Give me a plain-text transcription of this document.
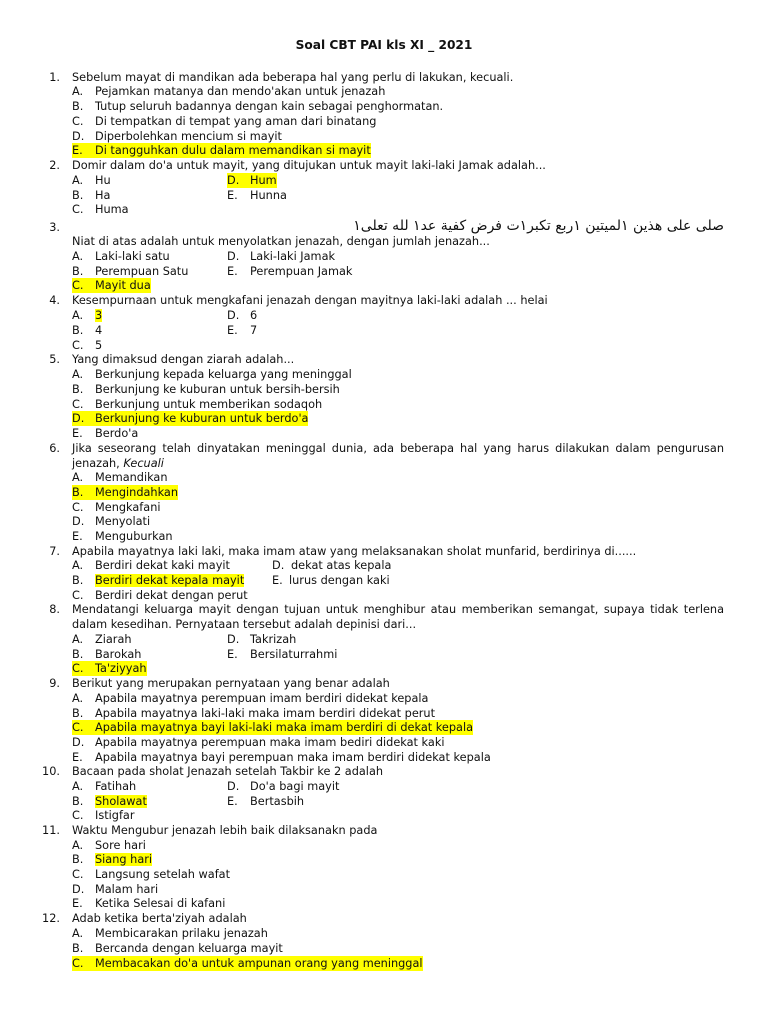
Soal CBT PAI kls XI _ 2021
1. Sebelum mayat di mandikan ada beberapa hal yang perlu di lakukan, kecuali.
A. Pejamkan matanya dan mendo'akan untuk jenazah
B. Tutup seluruh badannya dengan kain sebagai penghormatan.
C. Di tempatkan di tempat yang aman dari binatang
D. Diperbolehkan mencium si mayit
E. Di tangguhkan dulu dalam memandikan si mayit
2. Domir dalam do'a untuk mayit, yang ditujukan untuk mayit laki-laki Jamak adalah...
A. Hu	D. Hum
B. Ha	E. Hunna
C. Huma
3.	صلى على هذين ١لميتين ١ربع تكبر١ت فرض كفية عد١ لله تعلى١
Niat di atas adalah untuk menyolatkan jenazah, dengan jumlah jenazah...
A. Laki-laki satu	D. Laki-laki Jamak
B. Perempuan Satu	E. Perempuan Jamak
C. Mayit dua
4. Kesempurnaan untuk mengkafani jenazah dengan mayitnya laki-laki adalah ... helai
A. 3	D. 6
B. 4	E. 7
C. 5
5. Yang dimaksud dengan ziarah adalah...
A. Berkunjung kepada keluarga yang meninggal
B. Berkunjung ke kuburan untuk bersih-bersih
C. Berkunjung untuk memberikan sodaqoh
D. Berkunjung ke kuburan untuk berdo'a
E. Berdo'a
6. Jika seseorang telah dinyatakan meninggal dunia, ada beberapa hal yang harus dilakukan dalam pengurusan
jenazah, Kecuali
A. Memandikan
B. Mengindahkan
C. Mengkafani
D. Menyolati
E. Menguburkan
7. Apabila mayatnya laki laki, maka imam ataw yang melaksanakan sholat munfarid, berdirinya di......
A. Berdiri dekat kaki mayit	D. dekat atas kepala
B. Berdiri dekat kepala mayit E. lurus dengan kaki
C. Berdiri dekat dengan perut
8. Mendatangi keluarga mayit dengan tujuan untuk menghibur atau memberikan semangat, supaya tidak terlena
dalam kesedihan. Pernyataan tersebut adalah depinisi dari...
A. Ziarah	D. Takrizah
B. Barokah	E. Bersilaturrahmi
C. Ta'ziyyah
9. Berikut yang merupakan pernyataan yang benar adalah
A. Apabila mayatnya perempuan imam berdiri didekat kepala
B. Apabila mayatnya laki-laki maka imam berdiri didekat perut
C. Apabila mayatnya bayi laki-laki maka imam berdiri di dekat kepala
D. Apabila mayatnya perempuan maka imam bediri didekat kaki
E. Apabila mayatnya bayi perempuan maka imam berdiri didekat kepala
10. Bacaan pada sholat Jenazah setelah Takbir ke 2 adalah
A. Fatihah	D. Do'a bagi mayit
B. Sholawat	E. Bertasbih
C. Istigfar
11. Waktu Mengubur jenazah lebih baik dilaksanakn pada
A. Sore hari
B. Siang hari
C. Langsung setelah wafat
D. Malam hari
E. Ketika Selesai di kafani
12. Adab ketika berta'ziyah adalah
A. Membicarakan prilaku jenazah
B. Bercanda dengan keluarga mayit
C. Membacakan do'a untuk ampunan orang yang meninggal
